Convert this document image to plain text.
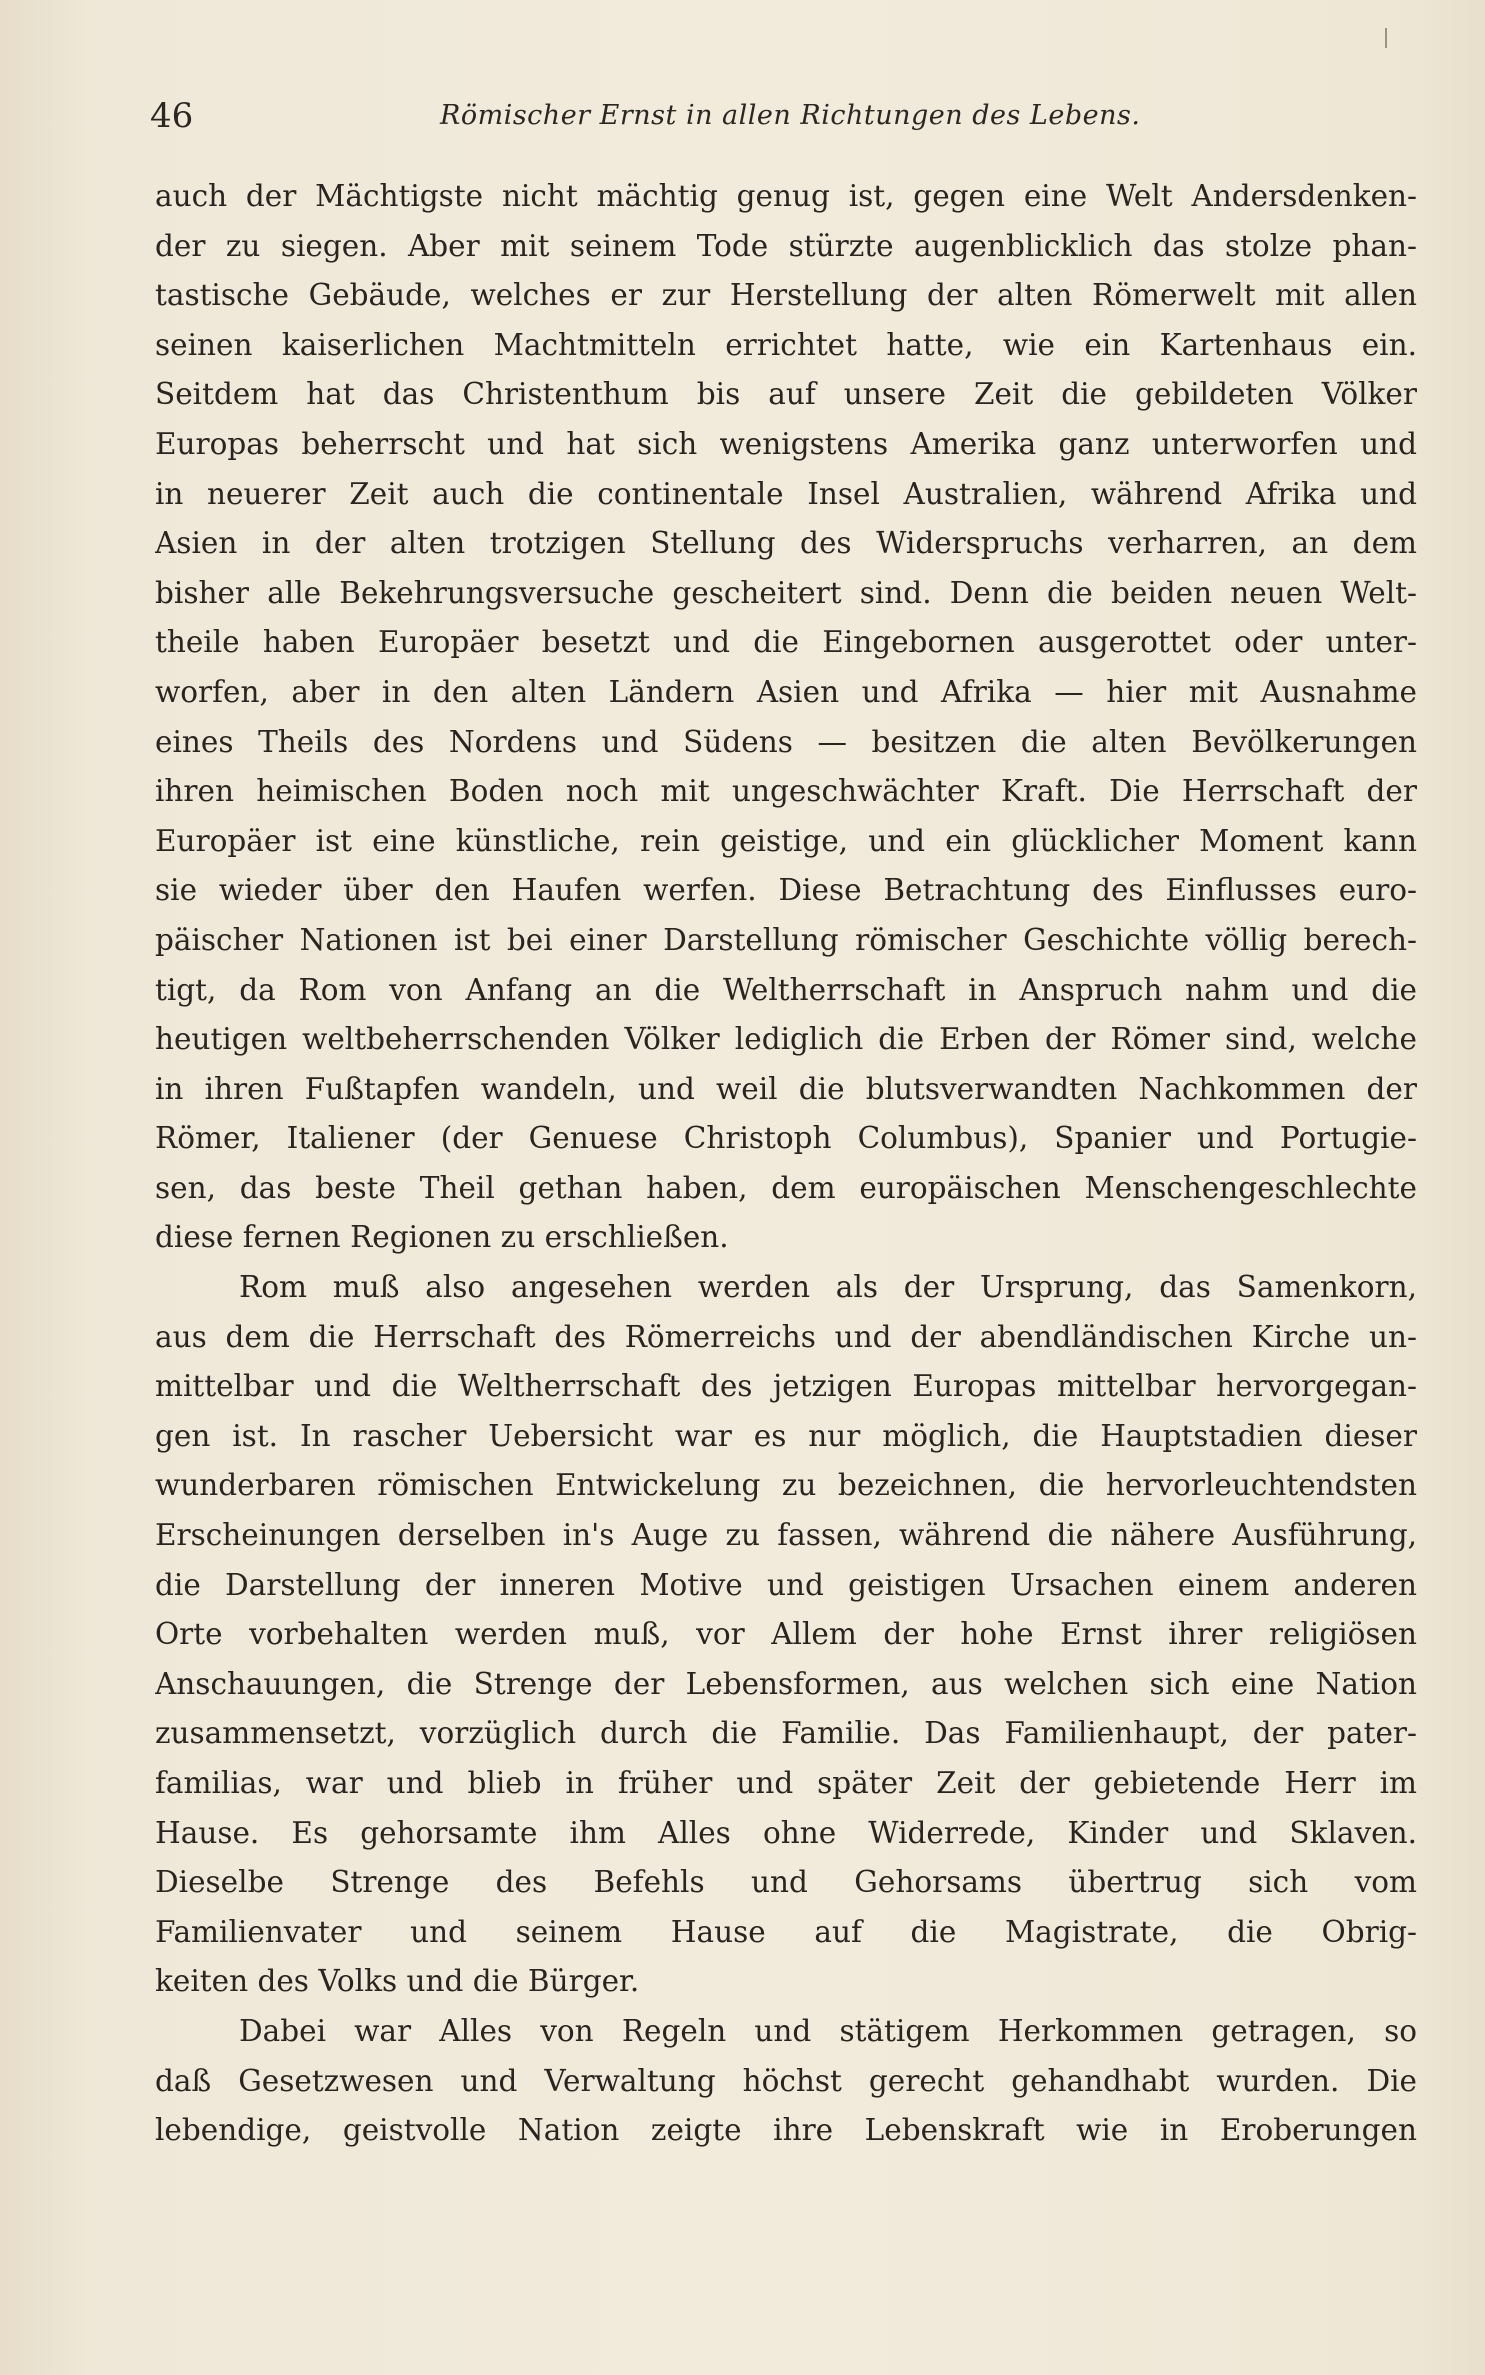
46	Römischer Ernst in allen Richtungen des Lebens.
auch der Mächtigste nicht mächtig genug ist, gegen eine Welt Andersdenken-
der zu siegen. Aber mit seinem Tode stürzte augenblicklich das stolze phan-
tastische Gebäude, welches er zur Herstellung der alten Römerwelt mit allen
seinen kaiserlichen Machtmitteln errichtet hatte, wie ein Kartenhaus ein.
Seitdem hat das Christenthum bis auf unsere Zeit die gebildeten Völker
Europas beherrscht und hat sich wenigstens Amerika ganz unterworfen und
in neuerer Zeit auch die continentale Insel Australien, während Afrika und
Asien in der alten trotzigen Stellung des Widerspruchs verharren, an dem
bisher alle Bekehrungsversuche gescheitert sind. Denn die beiden neuen Welt-
theile haben Europäer besetzt und die Eingebornen ausgerottet oder unter-
worfen, aber in den alten Ländern Asien und Afrika — hier mit Ausnahme
eines Theils des Nordens und Südens — besitzen die alten Bevölkerungen
ihren heimischen Boden noch mit ungeschwächter Kraft. Die Herrschaft der
Europäer ist eine künstliche, rein geistige, und ein glücklicher Moment kann
sie wieder über den Haufen werfen. Diese Betrachtung des Einflusses euro-
päischer Nationen ist bei einer Darstellung römischer Geschichte völlig berech-
tigt, da Rom von Anfang an die Weltherrschaft in Anspruch nahm und die
heutigen weltbeherrschenden Völker lediglich die Erben der Römer sind, welche
in ihren Fußtapfen wandeln, und weil die blutsverwandten Nachkommen der
Römer, Italiener (der Genuese Christoph Columbus), Spanier und Portugie-
sen, das beste Theil gethan haben, dem europäischen Menschengeschlechte
diese fernen Regionen zu erschließen.
Rom muß also angesehen werden als der Ursprung, das Samenkorn,
aus dem die Herrschaft des Römerreichs und der abendländischen Kirche un-
mittelbar und die Weltherrschaft des jetzigen Europas mittelbar hervorgegan-
gen ist. In rascher Uebersicht war es nur möglich, die Hauptstadien dieser
wunderbaren römischen Entwickelung zu bezeichnen, die hervorleuchtendsten
Erscheinungen derselben in's Auge zu fassen, während die nähere Ausführung,
die Darstellung der inneren Motive und geistigen Ursachen einem anderen
Orte vorbehalten werden muß, vor Allem der hohe Ernst ihrer religiösen
Anschauungen, die Strenge der Lebensformen, aus welchen sich eine Nation
zusammensetzt, vorzüglich durch die Familie. Das Familienhaupt, der pater-
familias, war und blieb in früher und später Zeit der gebietende Herr im
Hause. Es gehorsamte ihm Alles ohne Widerrede, Kinder und Sklaven.
Dieselbe Strenge des Befehls und Gehorsams übertrug sich vom
Familienvater und seinem Hause auf die Magistrate, die Obrig-
keiten des Volks und die Bürger.
Dabei war Alles von Regeln und stätigem Herkommen getragen, so
daß Gesetzwesen und Verwaltung höchst gerecht gehandhabt wurden. Die
lebendige, geistvolle Nation zeigte ihre Lebenskraft wie in Eroberungen
